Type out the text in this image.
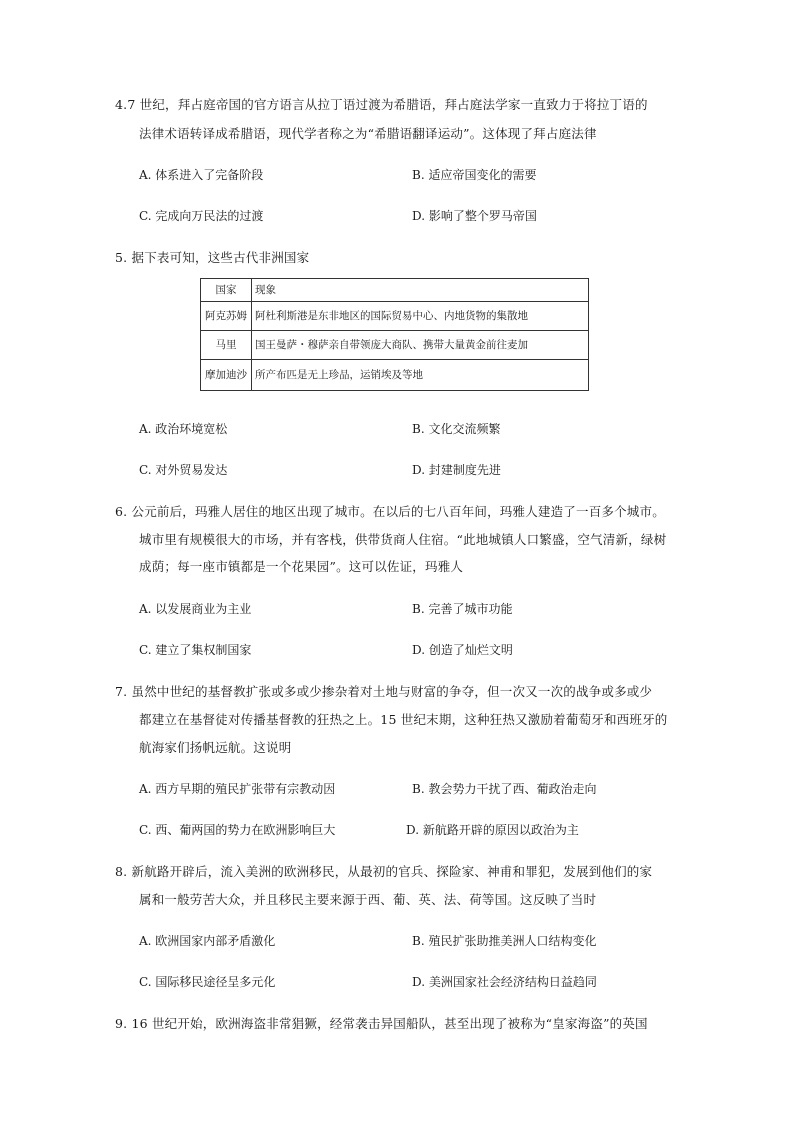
4.7 世纪，拜占庭帝国的官方语言从拉丁语过渡为希腊语，拜占庭法学家一直致力于将拉丁语的
法律术语转译成希腊语，现代学者称之为“希腊语翻译运动”。这体现了拜占庭法律
A. 体系进入了完备阶段	B. 适应帝国变化的需要
C. 完成向万民法的过渡	D. 影响了整个罗马帝国
5. 据下表可知，这些古代非洲国家
国家	现象
阿克苏姆	阿杜利斯港是东非地区的国际贸易中心、内地货物的集散地
马里	国王曼萨・穆萨亲自带领庞大商队、携带大量黄金前往麦加
摩加迪沙	所产布匹是无上珍品，运销埃及等地
A. 政治环境宽松	B. 文化交流频繁
C. 对外贸易发达	D. 封建制度先进
6. 公元前后，玛雅人居住的地区出现了城市。在以后的七八百年间，玛雅人建造了一百多个城市。
城市里有规模很大的市场，并有客栈，供带货商人住宿。“此地城镇人口繁盛，空气清新，绿树
成荫；每一座市镇都是一个花果园”。这可以佐证，玛雅人
A. 以发展商业为主业	B. 完善了城市功能
C. 建立了集权制国家	D. 创造了灿烂文明
7. 虽然中世纪的基督教扩张或多或少掺杂着对土地与财富的争夺，但一次又一次的战争或多或少
都建立在基督徒对传播基督教的狂热之上。15 世纪末期，这种狂热又激励着葡萄牙和西班牙的
航海家们扬帆远航。这说明
A. 西方早期的殖民扩张带有宗教动因	B. 教会势力干扰了西、葡政治走向
C. 西、葡两国的势力在欧洲影响巨大	D. 新航路开辟的原因以政治为主
8. 新航路开辟后，流入美洲的欧洲移民，从最初的官兵、探险家、神甫和罪犯，发展到他们的家
属和一般劳苦大众，并且移民主要来源于西、葡、英、法、荷等国。这反映了当时
A. 欧洲国家内部矛盾激化	B. 殖民扩张助推美洲人口结构变化
C. 国际移民途径呈多元化	D. 美洲国家社会经济结构日益趋同
9. 16 世纪开始，欧洲海盗非常猖獗，经常袭击异国船队，甚至出现了被称为“皇家海盗”的英国
